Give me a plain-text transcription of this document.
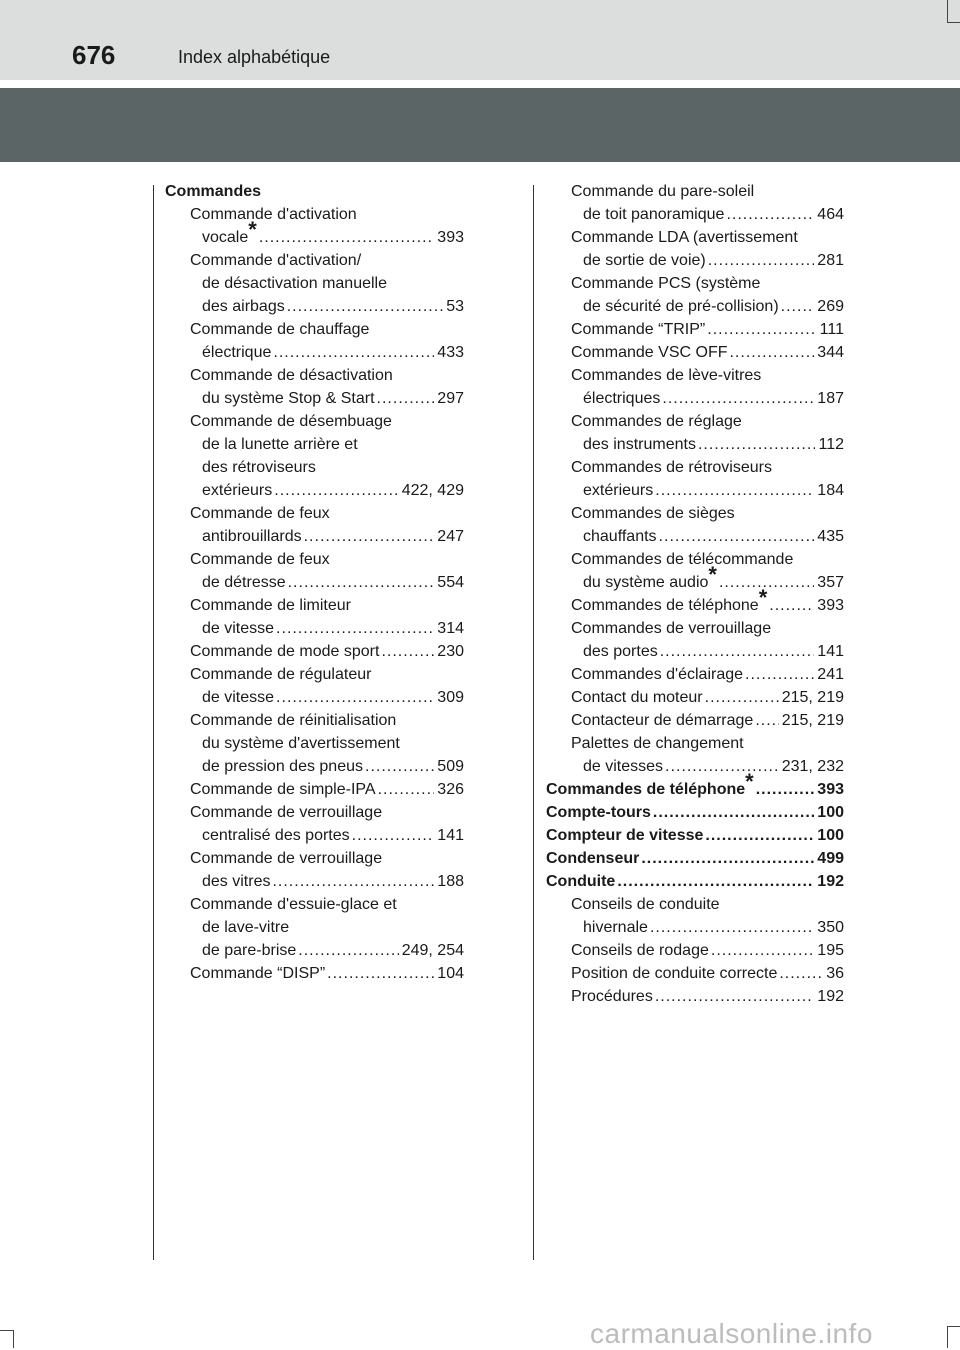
676	Index alphabétique
Commandes
Commande d'activation
vocale* .....	393
Commande d'activation/
de désactivation manuelle
des airbags .....	53
Commande de chauffage
électrique .....	433
Commande de désactivation
du système Stop & Start .....	297
Commande de désembuage
de la lunette arrière et
des rétroviseurs
extérieurs .....	422, 429
Commande de feux
antibrouillards .....	247
Commande de feux
de détresse .....	554
Commande de limiteur
de vitesse .....	314
Commande de mode sport .....	230
Commande de régulateur
de vitesse .....	309
Commande de réinitialisation
du système d'avertissement
de pression des pneus .....	509
Commande de simple-IPA .....	326
Commande de verrouillage
centralisé des portes .....	141
Commande de verrouillage
des vitres .....	188
Commande d'essuie-glace et
de lave-vitre
de pare-brise .....	249, 254
Commande “DISP” .....	104
Commande du pare-soleil
de toit panoramique .....	464
Commande LDA (avertissement
de sortie de voie) .....	281
Commande PCS (système
de sécurité de pré-collision) ..... 269
Commande “TRIP” .....	111
Commande VSC OFF .....	344
Commandes de lève-vitres
électriques .....	187
Commandes de réglage
des instruments .....	112
Commandes de rétroviseurs
extérieurs .....	184
Commandes de sièges
chauffants .....	435
Commandes de télécommande
du système audio* .....	357
Commandes de téléphone* .....	393
Commandes de verrouillage
des portes .....	141
Commandes d'éclairage .....	241
Contact du moteur .....	215, 219
Contacteur de démarrage ..... 215, 219
Palettes de changement
de vitesses .....	231, 232
Commandes de téléphone* .....	393
Compte-tours .....	100
Compteur de vitesse .....	100
Condenseur .....	499
Conduite .....	192
Conseils de conduite
hivernale .....	350
Conseils de rodage .....	195
Position de conduite correcte .....	36
Procédures .....	192
carmanualsonline.info
